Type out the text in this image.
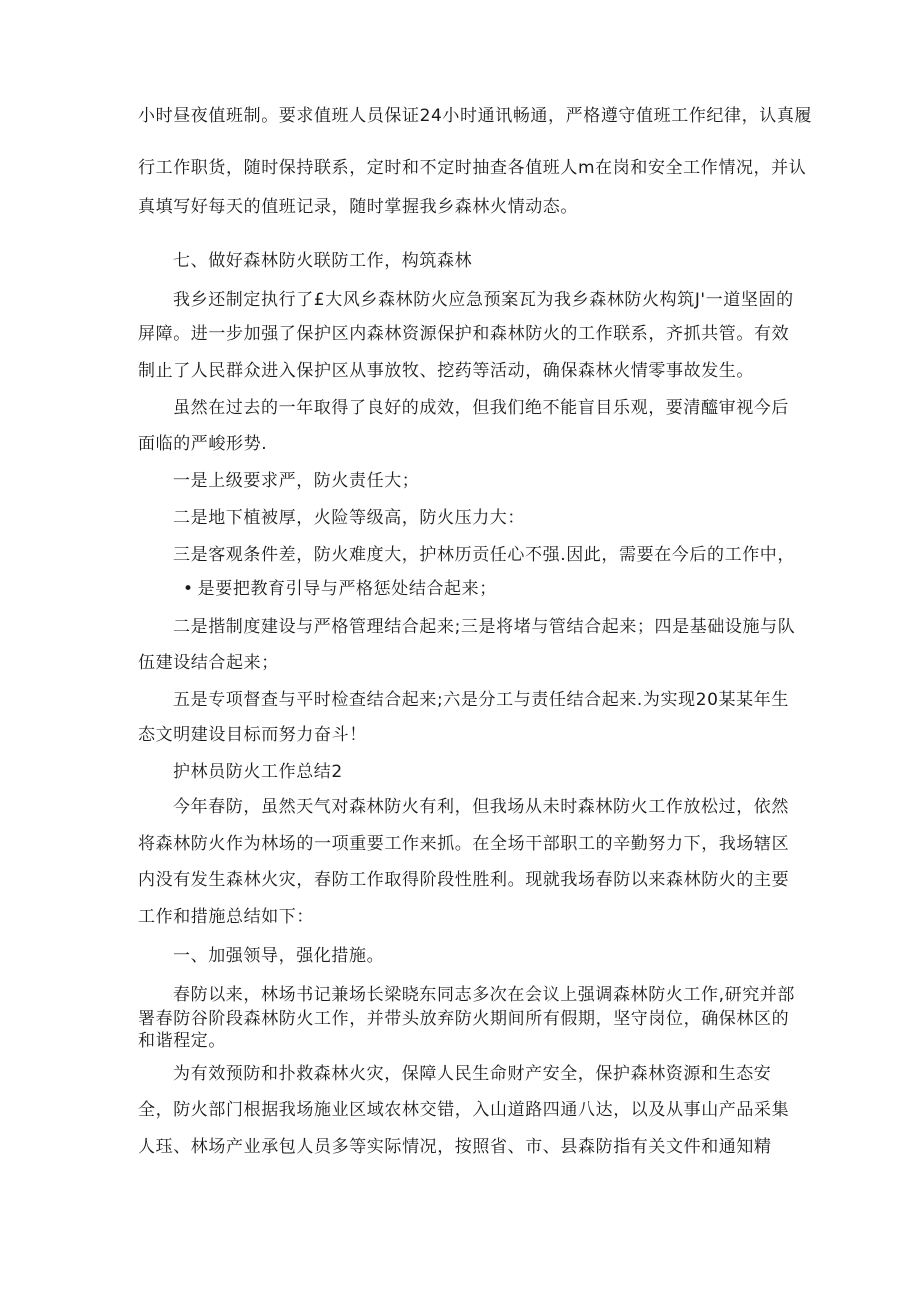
小时昼夜值班制。要求值班人员保证24小时通讯畅通，严格遵守值班工作纪律，认真履
行工作职货，随时保持联系，定时和不定时抽查各值班人m在岗和安全工作情况，并认
真填写好每天的值班记录，随时掌握我乡森林火情动态。
七、做好森林防火联防工作，构筑森林
我乡还制定执行了£大风乡森林防火应急预案瓦为我乡森林防火构筑J'一道坚固的
屏障。进一步加强了保护区内森林资源保护和森林防火的工作联系，齐抓共管。有效
制止了人民群众进入保护区从事放牧、挖药等活动，确保森林火情零事故发生。
虽然在过去的一年取得了良好的成效，但我们绝不能盲目乐观，要清醯审视今后
面临的严峻形势.
一是上级要求严，防火责任大；
二是地下植被厚，火险等级高，防火压力大：
三是客观条件差，防火难度大，护林历贡任心不强.因此，需要在今后的工作中，
• 是要把教育引导与严格惩处结合起来；
二是揩制度建设与严格管理结合起来;三是将堵与管结合起来；四是基础设施与队
伍建设结合起来；
五是专项督查与平时检查结合起来;六是分工与责任结合起来.为实现20某某年生
态文明建设目标而努力奋斗！
护林员防火工作总结2
今年春防，虽然天气对森林防火有利，但我场从未时森林防火工作放松过，依然
将森林防火作为林场的一项重要工作来抓。在全场干部职工的辛勤努力下，我场辖区
内没有发生森林火灾，春防工作取得阶段性胜利。现就我场春防以来森林防火的主要
工作和措施总结如下：
一、加强领导，强化措施。
春防以来，林场书记兼场长梁晓东同志多次在会议上强调森林防火工作,研究并部
署春防谷阶段森林防火工作，并带头放弃防火期间所有假期，坚守岗位，确保林区的
和谐程定。
为有效预防和扑救森林火灾，保障人民生命财产安全，保护森林资源和生态安
全，防火部门根据我场施业区域农林交错，入山道路四通八达，以及从事山产品采集
人珏、林场产业承包人员多等实际情况，按照省、市、县森防指有关文件和通知精
